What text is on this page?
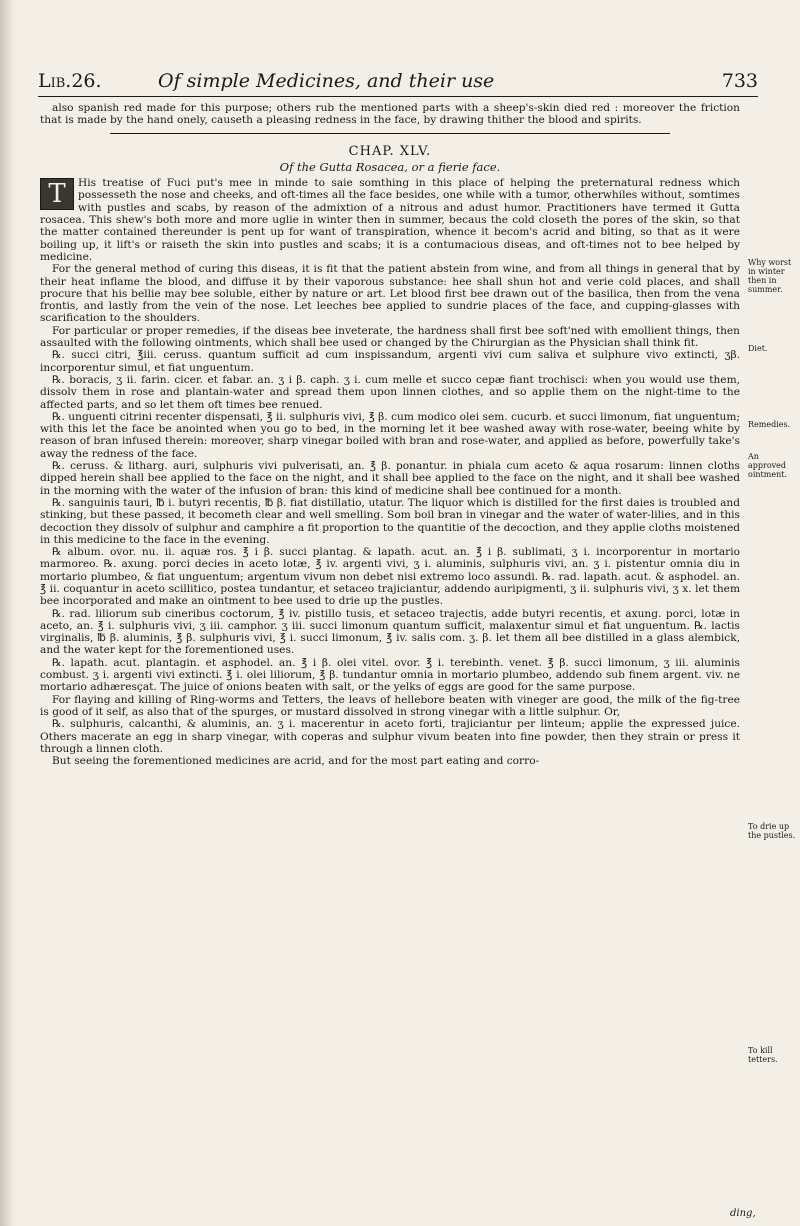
Lib.26.	Of simple Medicines, and their use	733

also spanish red made for this purpose; others rub the mentioned parts with a sheep's-skin died red : moreover the friction that is made by the hand onely, causeth a pleasing redness in the face, by drawing thither the blood and spirits.

CHAP. XLV.
Of the Gutta Rosacea, or a fierie face.

T	His treatise of Fuci put's mee in minde to saie somthing in this place of helping the preternatural redness which possesseth the nose and cheeks, and oft-times all the face besides, one while with a tumor, otherwhiles without, somtimes with pustles and scabs, by reason of the admixtion of a nitrous and adust humor. Practitioners have termed it Gutta rosacea. This shew's both more and more uglie in winter then in summer, becaus the cold closeth the pores of the skin, so that the matter contained thereunder is pent up for want of transpiration, whence it becom's acrid and biting, so that as it were boiling up, it lift's or raiseth the skin into pustles and scabs; it is a contumacious diseas, and oft-times not to bee helped by medicine.

For the general method of curing this diseas, it is fit that the patient abstein from wine, and from all things in general that by their heat inflame the blood, and diffuse it by their vaporous substance: hee shall shun hot and verie cold places, and shall procure that his bellie may bee soluble, either by nature or art. Let blood first bee drawn out of the basilica, then from the vena frontis, and lastly from the vein of the nose. Let leeches bee applied to sundrie places of the face, and cupping-glasses with scarification to the shoulders.

For particular or proper remedies, if the diseas bee inveterate, the hardness shall first bee soft'ned with emollient things, then assaulted with the following ointments, which shall bee used or changed by the Chirurgian as the Physician shall think fit.

℞. succi citri, ℥iii. ceruss. quantum sufficit ad cum inspissandum, argenti vivi cum saliva et sulphure vivo extincti, ʒβ. incorporentur simul, et fiat unguentum.

℞. boracis, ʒ ii. farin. cicer. et fabar. an. ʒ i β. caph. ʒ i. cum melle et succo cepæ fiant trochisci: when you would use them, dissolv them in rose and plantain-water and spread them upon linnen clothes, and so applie them on the night-time to the affected parts, and so let them oft times bee renued.

℞. unguenti citrini recenter dispensati, ℥ ii. sulphuris vivi, ℥ β. cum modico olei sem. cucurb. et succi limonum, fiat unguentum; with this let the face be anointed when you go to bed, in the morning let it bee washed away with rose-water, beeing white by reason of bran infused therein: moreover, sharp vinegar boiled with bran and rose-water, and applied as before, powerfully take's away the redness of the face.

℞. ceruss. & litharg. auri, sulphuris vivi pulverisati, an. ℥ β. ponantur. in phiala cum aceto & aqua rosarum: linnen cloths dipped herein shall bee applied to the face on the night, and it shall bee applied to the face on the night, and it shall bee washed in the morning with the water of the infusion of bran: this kind of medicine shall bee continued for a month.

℞. sanguinis tauri, ℔ i. butyri recentis, ℔ β. fiat distillatio, utatur. The liquor which is distilled for the first daies is troubled and stinking, but these passed, it becometh clear and well smelling. Som boil bran in vinegar and the water of water-lilies, and in this decoction they dissolv of sulphur and camphire a fit proportion to the quantitie of the decoction, and they applie cloths moistened in this medicine to the face in the evening.

℞ album. ovor. nu. ii. aquæ ros. ℥ i β. succi plantag. & lapath. acut. an. ℥ i β. sublimati, ʒ i. incorporentur in mortario marmoreo. ℞. axung. porci decies in aceto lotæ, ℥ iv. argenti vivi, ʒ i. aluminis, sulphuris vivi, an. ʒ i. pistentur omnia diu in mortario plumbeo, & fiat unguentum; argentum vivum non debet nisi extremo loco assundi. ℞. rad. lapath. acut. & asphodel. an. ℥ ii. coquantur in aceto scillitico, postea tundantur, et setaceo trajiciantur, addendo auripigmenti, ʒ ii. sulphuris vivi, ʒ x. let them bee incorporated and make an ointment to bee used to drie up the pustles.

℞. rad. liliorum sub cineribus coctorum, ℥ iv. pistillo tusis, et setaceo trajectis, adde butyri recentis, et axung. porci, lotæ in aceto, an. ℥ i. sulphuris vivi, ʒ iii. camphor. ʒ iii. succi limonum quantum sufficit, malaxentur simul et fiat unguentum. ℞. lactis virginalis, ℔ β. aluminis, ℥ β. sulphuris vivi, ℥ i. succi limonum, ℥ iv. salis com. ʒ. β. let them all bee distilled in a glass alembick, and the water kept for the forementioned uses.

℞. lapath. acut. plantagin. et asphodel. an. ℥ i β. olei vitel. ovor. ℥ i. terebinth. venet. ℥ β. succi limonum, ʒ iii. aluminis combust. ʒ i. argenti vivi extincti. ℥ i. olei liliorum, ℥ β. tundantur omnia in mortario plumbeo, addendo sub finem argent. viv. ne mortario adhæresçat. The juice of onions beaten with salt, or the yelks of eggs are good for the same purpose.

For flaying and killing of Ring-worms and Tetters, the leavs of hellebore beaten with vineger are good, the milk of the fig-tree is good of it self, as also that of the spurges, or mustard dissolved in strong vinegar with a little sulphur. Or,

℞. sulphuris, calcanthi, & aluminis, an. ʒ i. macerentur in aceto forti, trajiciantur per linteum; applie the expressed juice. Others macerate an egg in sharp vinegar, with coperas and sulphur vivum beaten into fine powder, then they strain or press it through a linnen cloth.

But seeing the forementioned medicines are acrid, and for the most part eating and corro-

Why worst in winter then in summer.
Diet.
Remedies.
An approved ointment.
To drie up the pustles.
To kill tetters.
ding,
